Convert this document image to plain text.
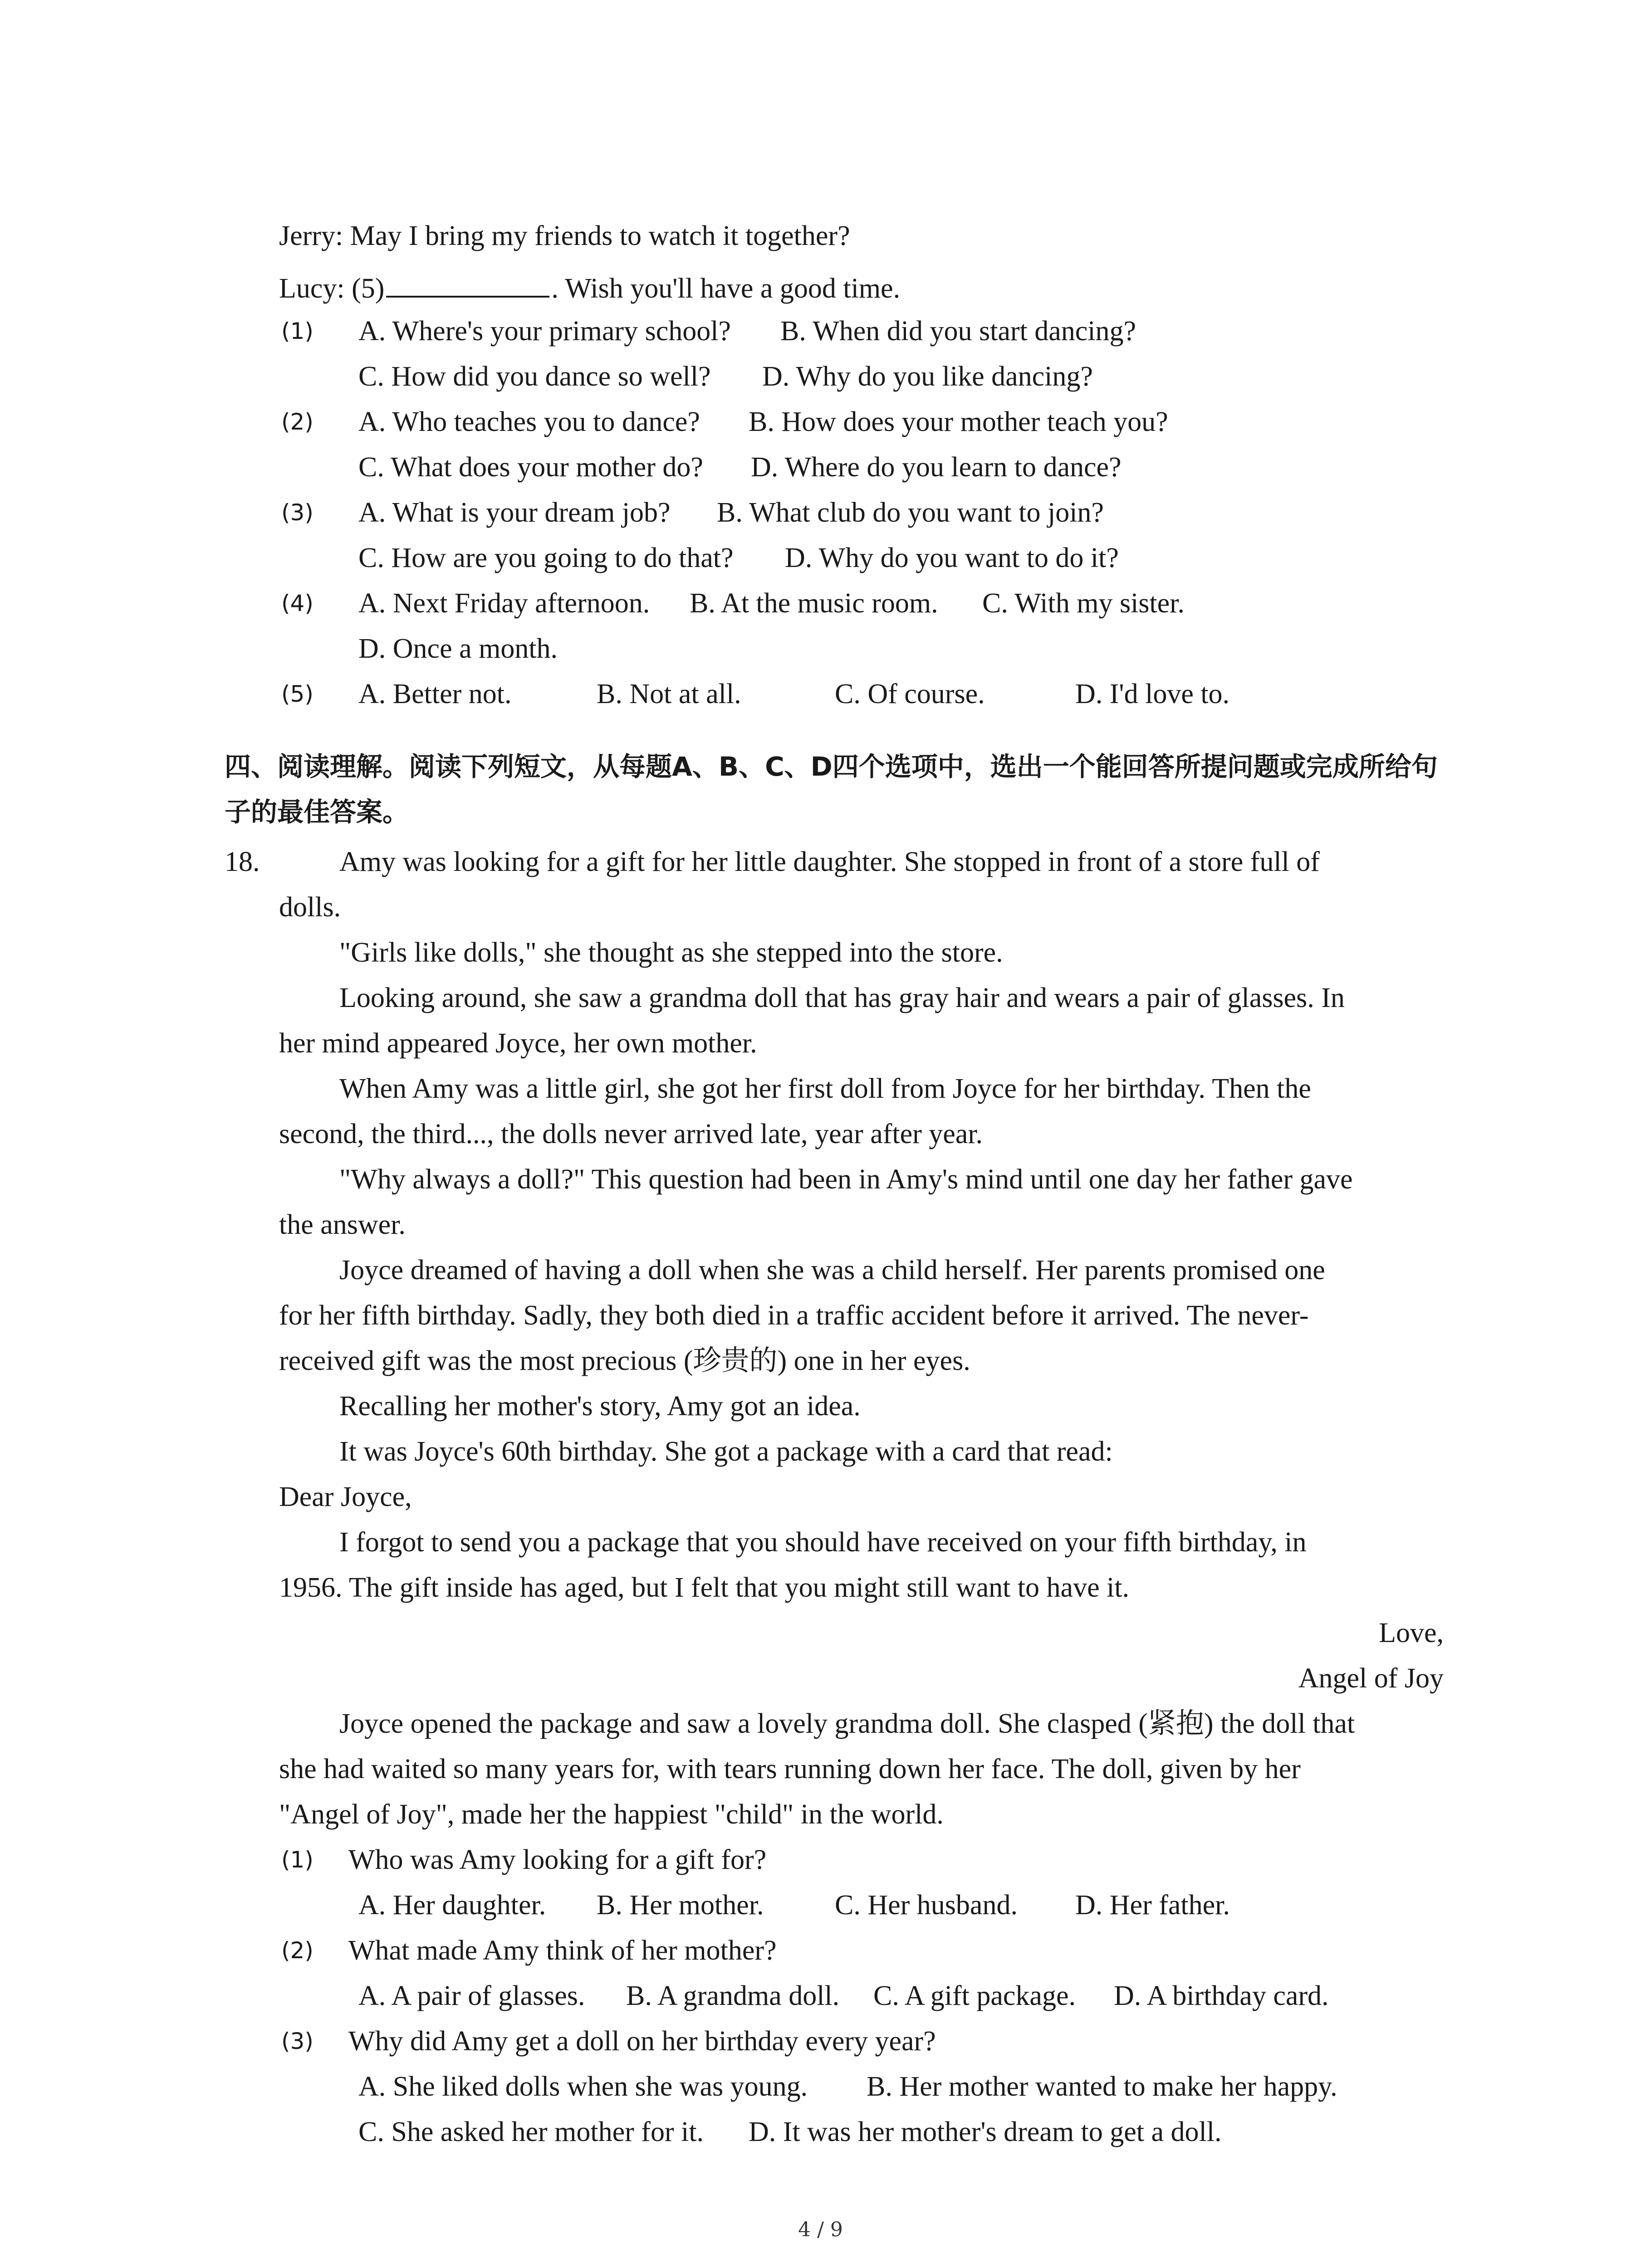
Jerry: May I bring my friends to watch it together?
Lucy: (5)	. Wish you'll have a good time.
(1) A. Where's your primary school? B. When did you start dancing?
C. How did you dance so well? D. Why do you like dancing?
(2) A. Who teaches you to dance? B. How does your mother teach you?
C. What does your mother do? D. Where do you learn to dance?
(3) A. What is your dream job? B. What club do you want to join?
C. How are you going to do that? D. Why do you want to do it?
(4) A. Next Friday afternoon. B. At the music room. C. With my sister.
D. Once a month.
(5) A. Better not.	B. Not at all.	C. Of course.	D. I'd love to.
四、阅读理解。阅读下列短文，从每题A、B、C、D四个选项中，选出一个能回答所提问题或完成所给句子的最佳答案。
18.	Amy was looking for a gift for her little daughter. She stopped in front of a store full of
dolls.
"Girls like dolls," she thought as she stepped into the store.
Looking around, she saw a grandma doll that has gray hair and wears a pair of glasses. In
her mind appeared Joyce, her own mother.
When Amy was a little girl, she got her first doll from Joyce for her birthday. Then the
second, the third..., the dolls never arrived late, year after year.
"Why always a doll?" This question had been in Amy's mind until one day her father gave
the answer.
Joyce dreamed of having a doll when she was a child herself. Her parents promised one
for her fifth birthday. Sadly, they both died in a traffic accident before it arrived. The never-
received gift was the most precious (珍贵的) one in her eyes.
Recalling her mother's story, Amy got an idea.
It was Joyce's 60th birthday. She got a package with a card that read:
Dear Joyce,
I forgot to send you a package that you should have received on your fifth birthday, in
1956. The gift inside has aged, but I felt that you might still want to have it.
Love,
Angel of Joy
Joyce opened the package and saw a lovely grandma doll. She clasped (紧抱) the doll that
she had waited so many years for, with tears running down her face. The doll, given by her
"Angel of Joy", made her the happiest "child" in the world.
(1) Who was Amy looking for a gift for?
A. Her daughter. B. Her mother.	C. Her husband. D. Her father.
(2) What made Amy think of her mother?
A. A pair of glasses. B. A grandma doll. C. A gift package. D. A birthday card.
(3) Why did Amy get a doll on her birthday every year?
A. She liked dolls when she was young. B. Her mother wanted to make her happy.
C. She asked her mother for it. D. It was her mother's dream to get a doll.
4 / 9
